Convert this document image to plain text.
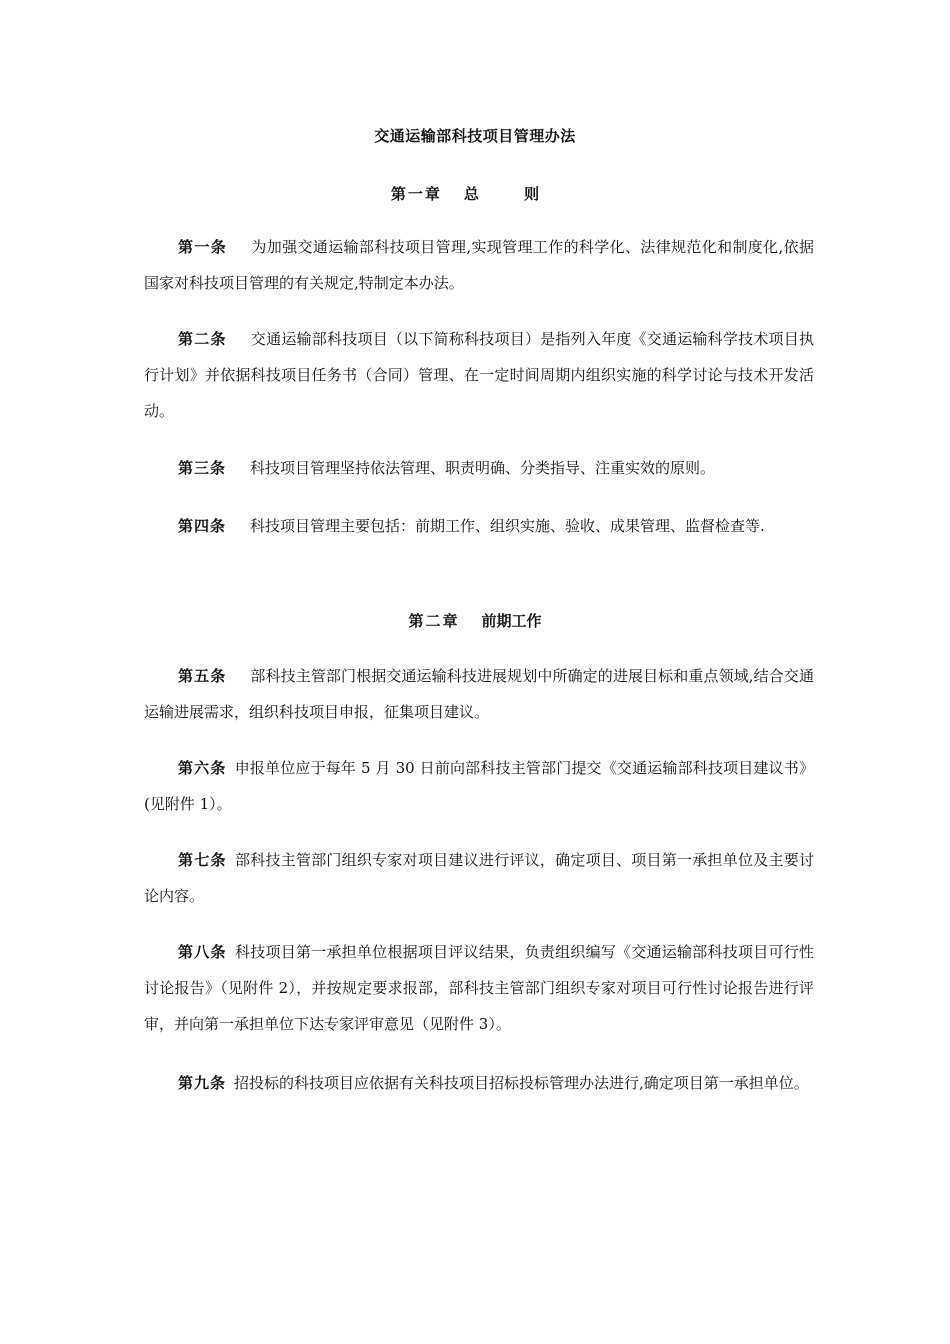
交通运输部科技项目管理办法
第一章 总 则
第一条 为加强交通运输部科技项目管理,实现管理工作的科学化、法律规范化和制度化,依据国家对科技项目管理的有关规定,特制定本办法。
第二条 交通运输部科技项目（以下简称科技项目）是指列入年度《交通运输科学技术项目执行计划》并依据科技项目任务书（合同）管理、在一定时间周期内组织实施的科学讨论与技术开发活动。
第三条 科技项目管理坚持依法管理、职责明确、分类指导、注重实效的原则。
第四条 科技项目管理主要包括：前期工作、组织实施、验收、成果管理、监督检查等.
第二章 前期工作
第五条 部科技主管部门根据交通运输科技进展规划中所确定的进展目标和重点领域,结合交通运输进展需求，组织科技项目申报，征集项目建议。
第六条 申报单位应于每年 5 月 30 日前向部科技主管部门提交《交通运输部科技项目建议书》(见附件 1）。
第七条 部科技主管部门组织专家对项目建议进行评议，确定项目、项目第一承担单位及主要讨论内容。
第八条 科技项目第一承担单位根据项目评议结果，负责组织编写《交通运输部科技项目可行性讨论报告》（见附件 2），并按规定要求报部，部科技主管部门组织专家对项目可行性讨论报告进行评审，并向第一承担单位下达专家评审意见（见附件 3）。
第九条 招投标的科技项目应依据有关科技项目招标投标管理办法进行,确定项目第一承担单位。
